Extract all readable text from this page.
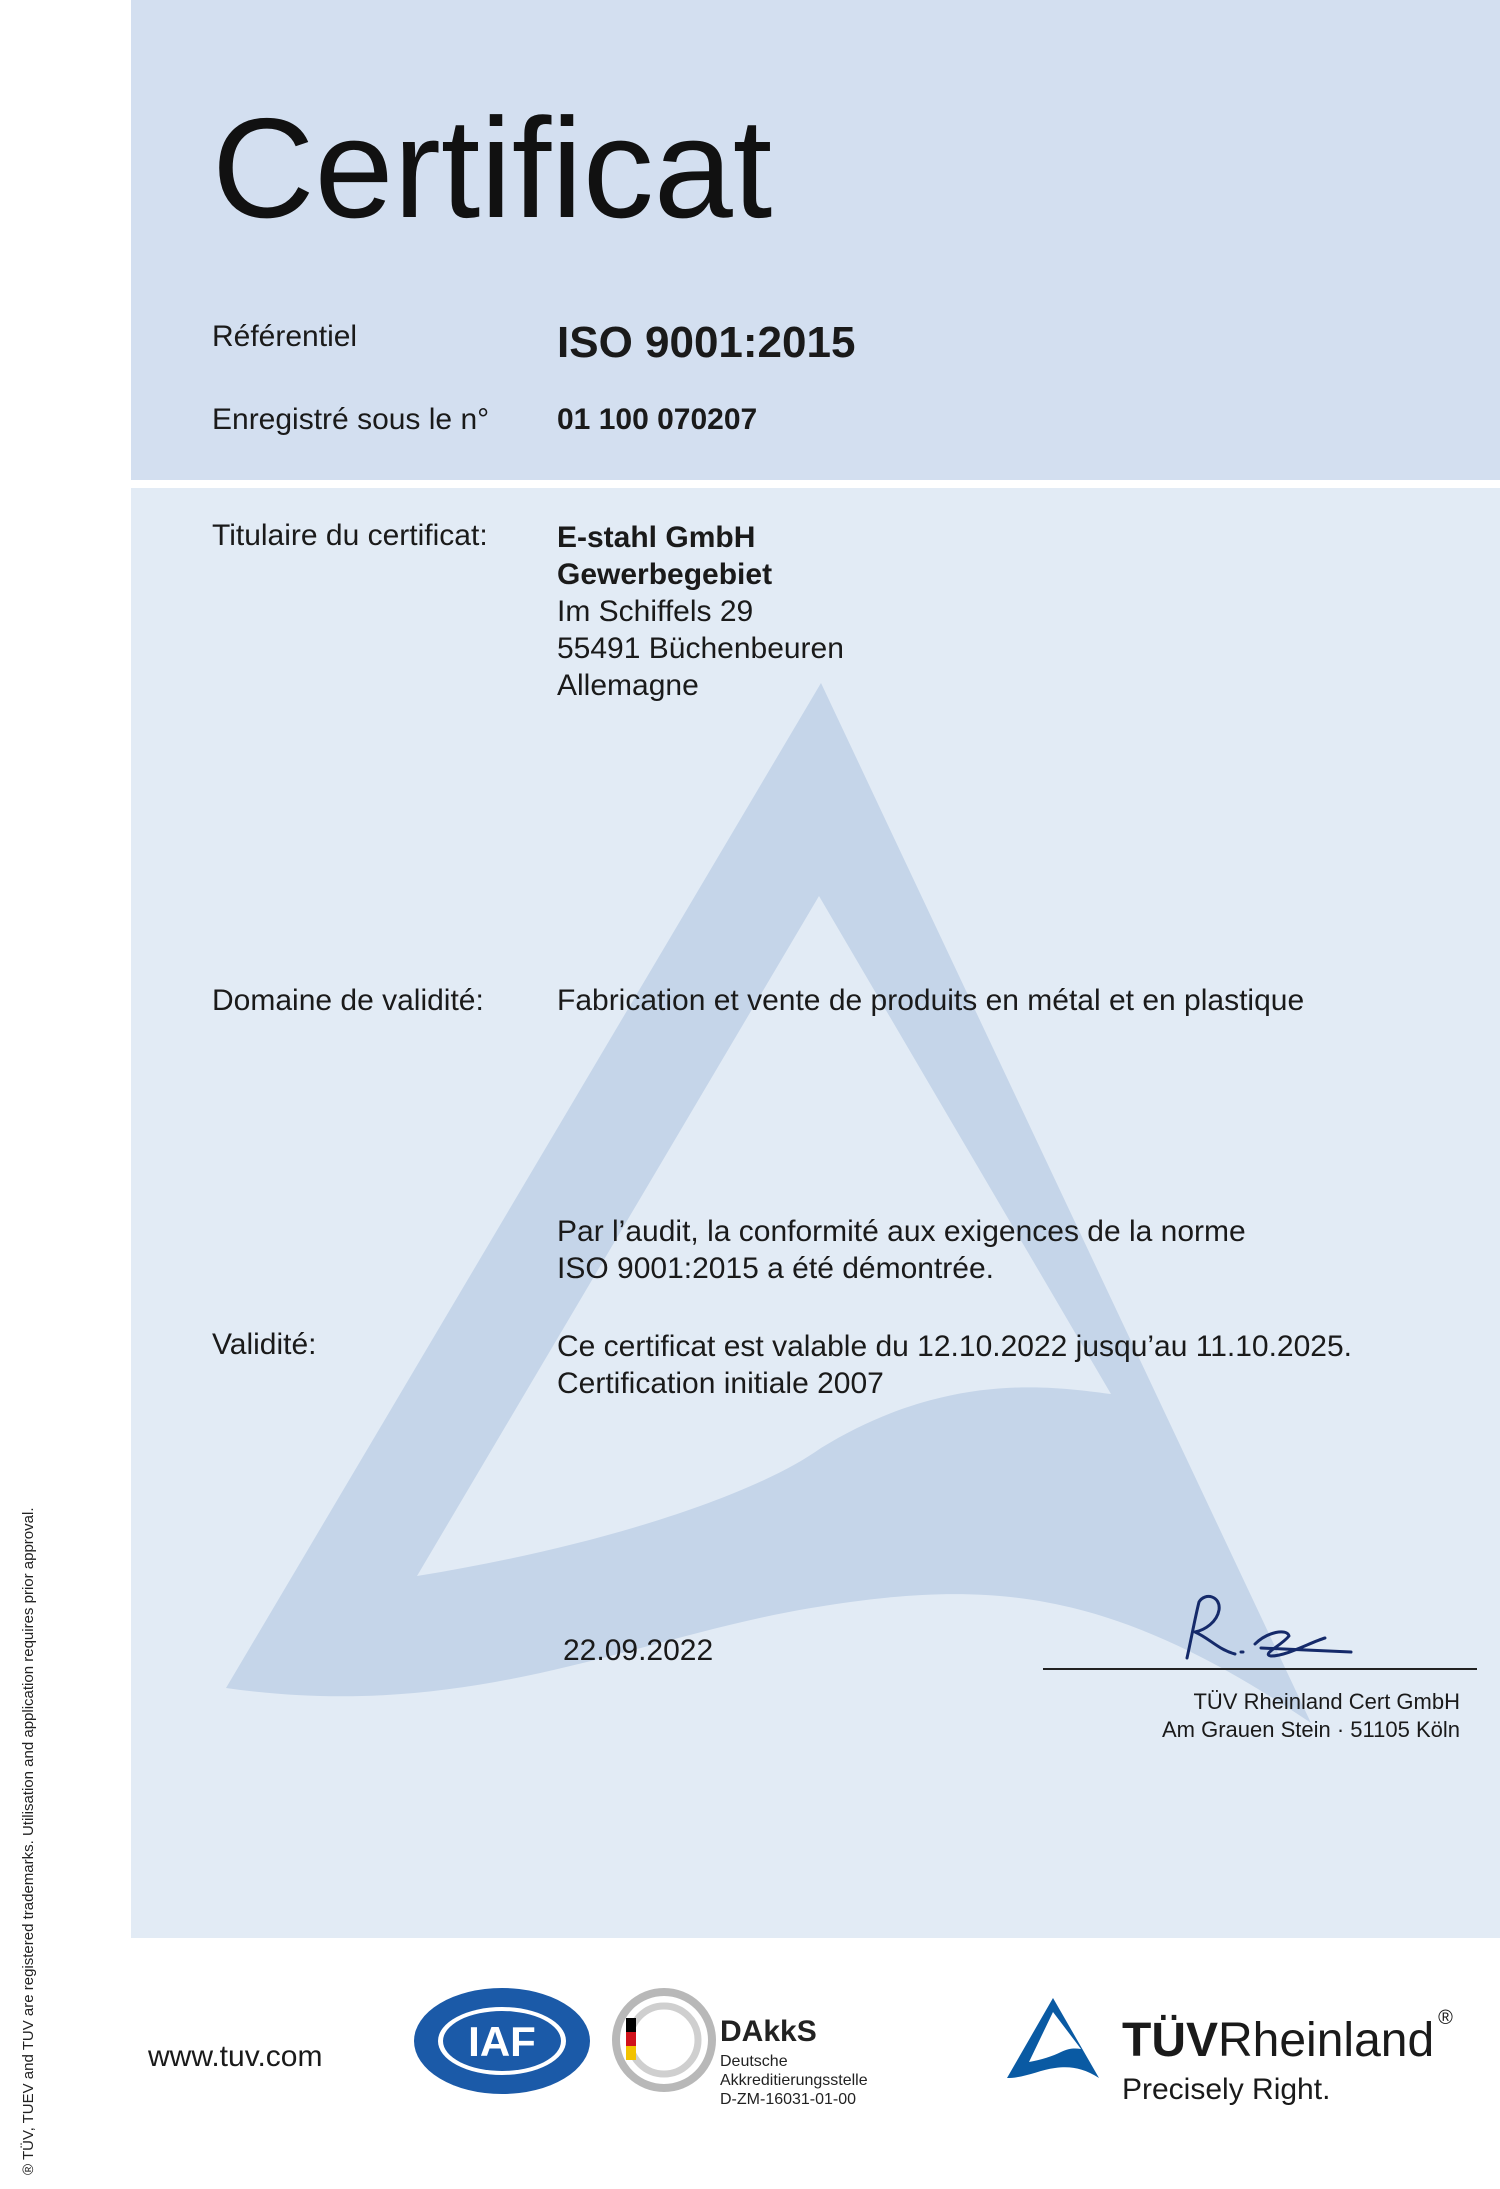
® TÜV, TUEV and TUV are registered trademarks. Utilisation and application requires prior approval.
Certificat
Référentiel	ISO 9001:2015
Enregistré sous le n° 01 100 070207
Titulaire du certificat: E-stahl GmbH
Gewerbegebiet
Im Schiffels 29
55491 Büchenbeuren
Allemagne
Domaine de validité: Fabrication et vente de produits en métal et en plastique
Par l’audit, la conformité aux exigences de la norme
ISO 9001:2015 a été démontrée.
Validité:	Ce certificat est valable du 12.10.2022 jusqu’au 11.10.2025.
Certification initiale 2007
22.09.2022
TÜV Rheinland Cert GmbH
Am Grauen Stein · 51105 Köln
www.tuv.com	IAF	DAkkS
Deutsche
Akkreditierungsstelle
D-ZM-16031-01-00
TÜVRheinland ®
Precisely Right.
